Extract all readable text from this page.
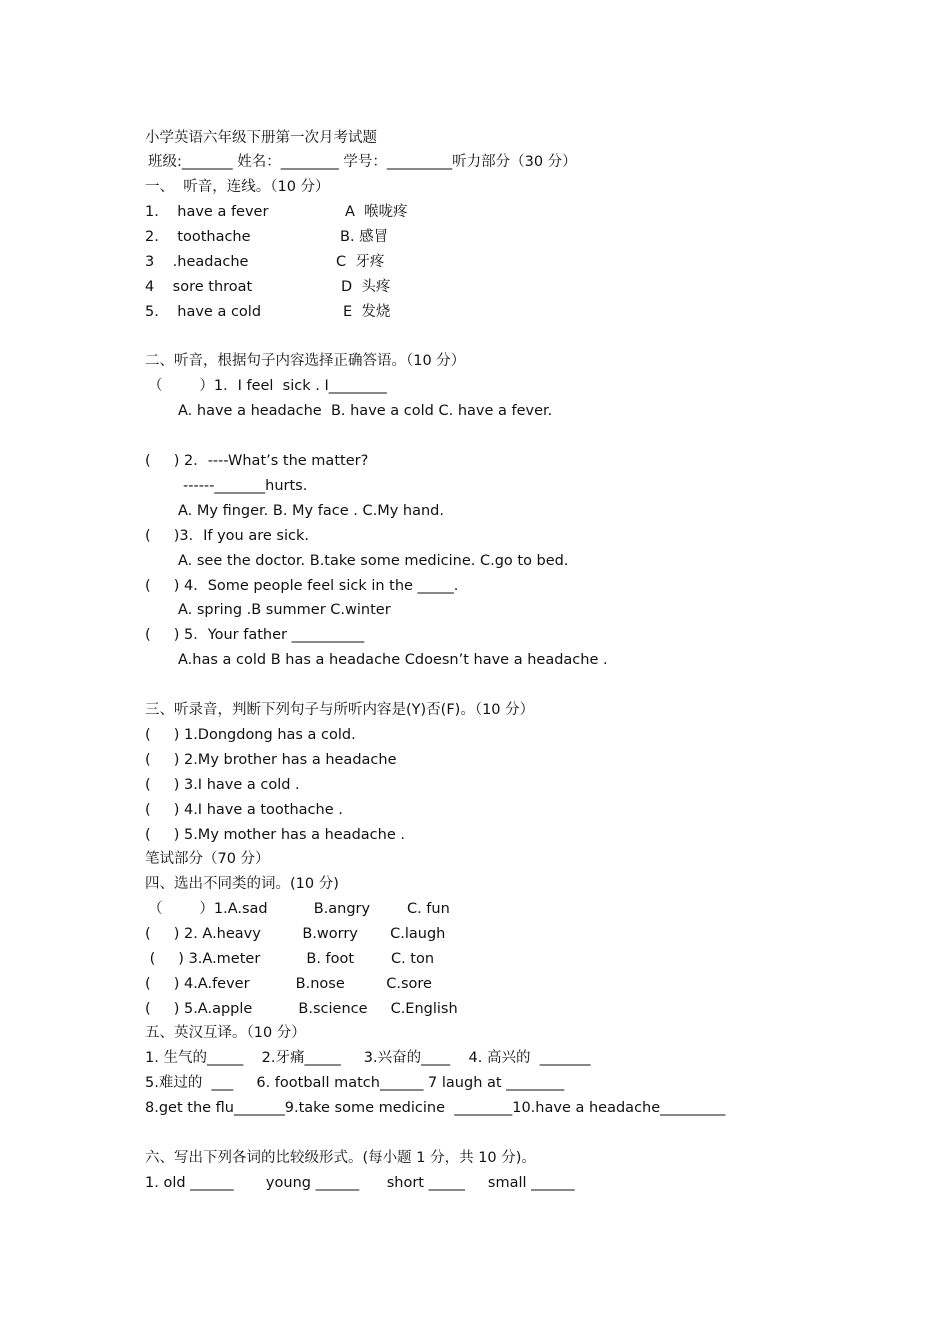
小学英语六年级下册第一次月考试题
班级:_______ 姓名：________ 学号：_________听力部分（30 分）
一、  听音，连线。（10 分）
1.    have a fever	A  喉咙疼
2.    toothache	B. 感冒
3    .headache	C  牙疼
4    sore throat	D  头疼
5.    have a cold	E  发烧
二、听音，根据句子内容选择正确答语。（10 分）
（        ）1．I feel  sick . I________
A. have a headache  B. have a cold C. have a fever.
(     ) 2．----What’s the matter?
------_______hurts.
A. My finger. B. My face . C.My hand.
(     )3．If you are sick.
A. see the doctor. B.take some medicine. C.go to bed.
(     ) 4．Some people feel sick in the _____.
A. spring .B summer C.winter
(     ) 5．Your father __________
A.has a cold B has a headache Cdoesn’t have a headache .
三、听录音，判断下列句子与所听内容是(Y)否(F)。（10 分）
(     ) 1.Dongdong has a cold.
(     ) 2.My brother has a headache
(     ) 3.I have a cold .
(     ) 4.I have a toothache .
(     ) 5.My mother has a headache .
笔试部分（70 分）
四、选出不同类的词。(10 分)
（        ）1.A.sad          B.angry        C. fun
(     ) 2. A.heavy         B.worry       C.laugh
(     ) 3.A.meter          B. foot        C. ton
(     ) 4.A.fever          B.nose         C.sore
(     ) 5.A.apple          B.science     C.English
五、英汉互译。（10 分）
1. 生气的_____    2.牙痛_____     3.兴奋的____    4. 高兴的  _______
5.难过的  ___     6. football match______ 7 laugh at ________
8.get the flu_______9.take some medicine  ________10.have a headache_________
六、写出下列各词的比较级形式。(每小题 1 分，共 10 分)。
1. old ______       young ______      short _____     small ______
